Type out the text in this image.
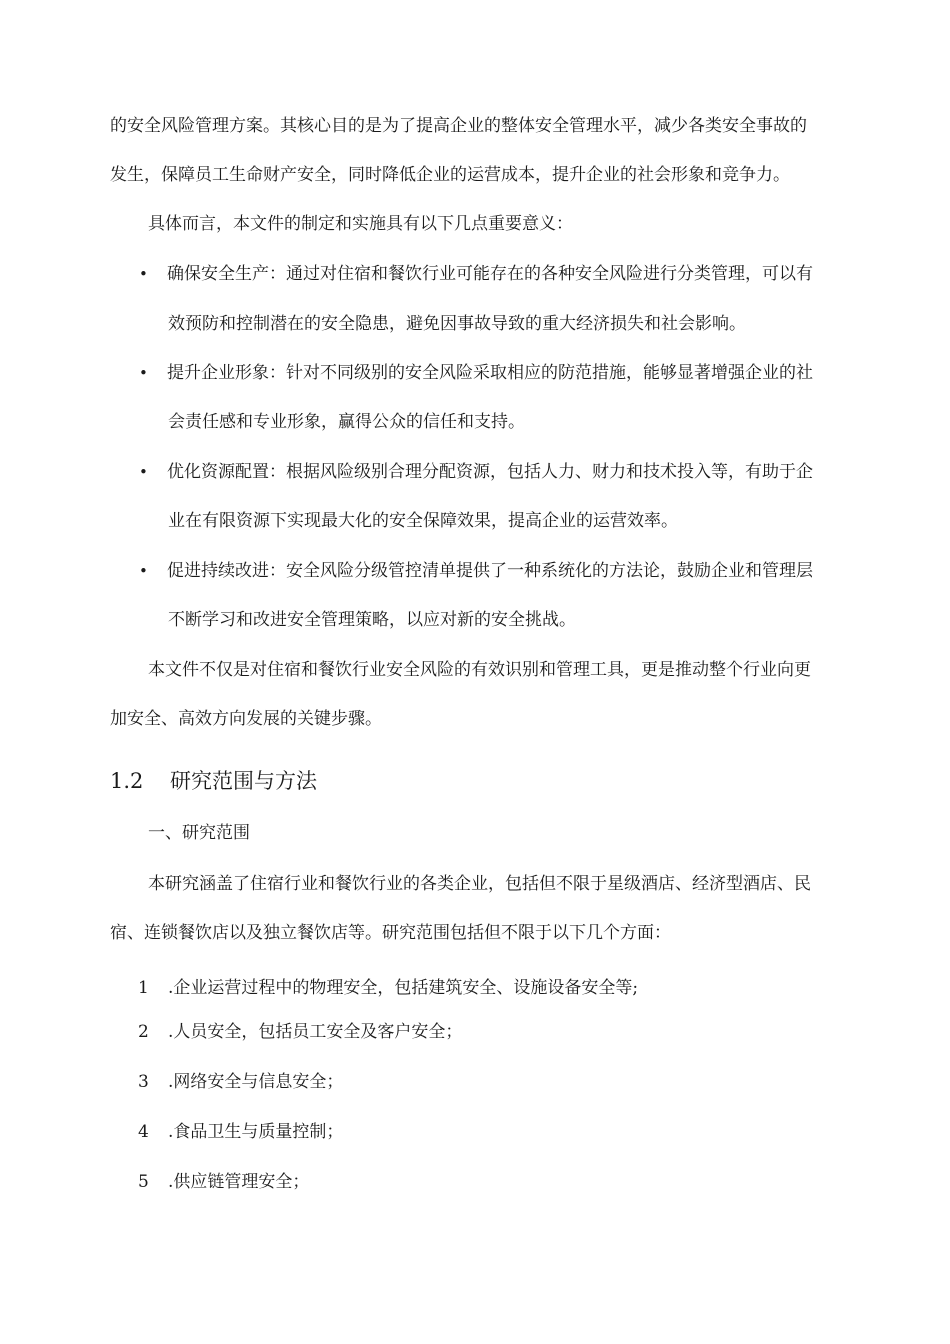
的安全风险管理方案。其核心目的是为了提高企业的整体安全管理水平，减少各类安全事故的
发生，保障员工生命财产安全，同时降低企业的运营成本，提升企业的社会形象和竞争力。
具体而言，本文件的制定和实施具有以下几点重要意义：
• 确保安全生产：通过对住宿和餐饮行业可能存在的各种安全风险进行分类管理，可以有
效预防和控制潜在的安全隐患，避免因事故导致的重大经济损失和社会影响。
• 提升企业形象：针对不同级别的安全风险采取相应的防范措施，能够显著增强企业的社
会责任感和专业形象，赢得公众的信任和支持。
• 优化资源配置：根据风险级别合理分配资源，包括人力、财力和技术投入等，有助于企
业在有限资源下实现最大化的安全保障效果，提高企业的运营效率。
• 促进持续改进：安全风险分级管控清单提供了一种系统化的方法论，鼓励企业和管理层
不断学习和改进安全管理策略，以应对新的安全挑战。
本文件不仅是对住宿和餐饮行业安全风险的有效识别和管理工具，更是推动整个行业向更
加安全、高效方向发展的关键步骤。
1.2 研究范围与方法
一、研究范围
本研究涵盖了住宿行业和餐饮行业的各类企业，包括但不限于星级酒店、经济型酒店、民
宿、连锁餐饮店以及独立餐饮店等。研究范围包括但不限于以下几个方面：
1 .企业运营过程中的物理安全，包括建筑安全、设施设备安全等;
2 .人员安全，包括员工安全及客户安全；
3 .网络安全与信息安全；
4 .食品卫生与质量控制；
5 .供应链管理安全；
